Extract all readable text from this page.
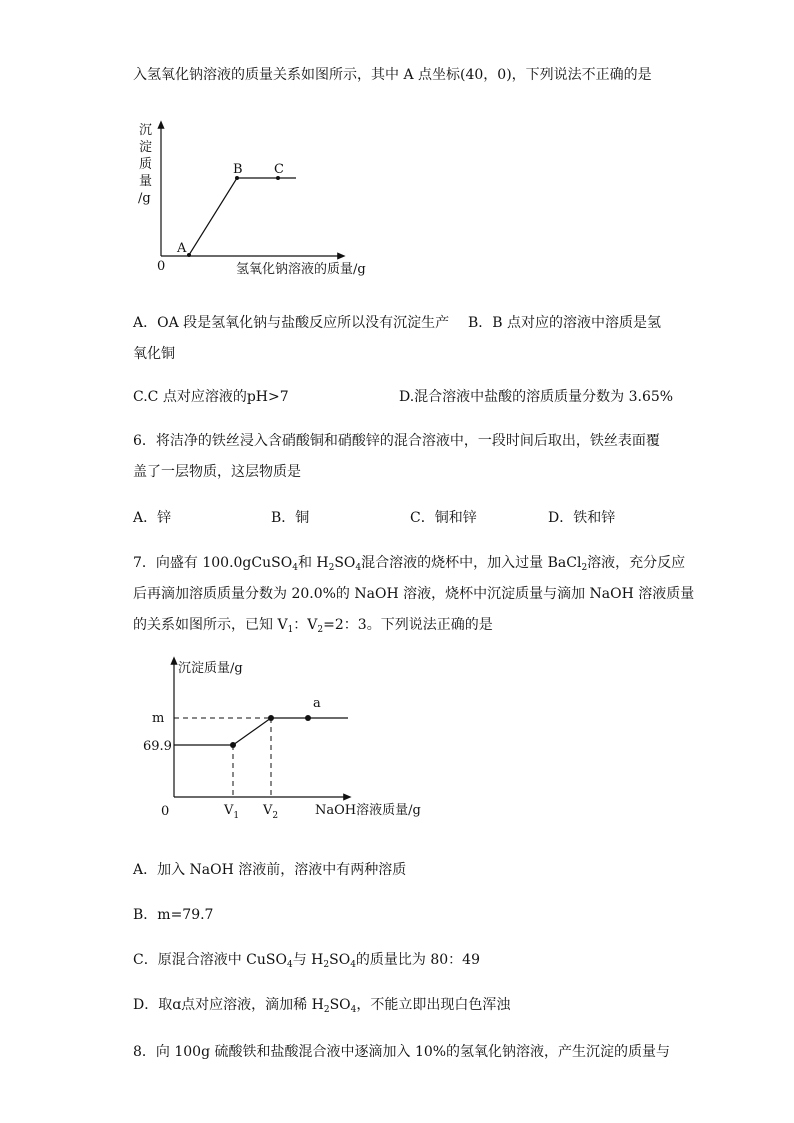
入氢氧化钠溶液的质量关系如图所示，其中 A 点坐标(40，0)，下列说法不正确的是
A
B C
0	氢氧化钠溶液的质量/g
沉
淀
质
量
/g
A．OA 段是氢氧化钠与盐酸反应所以没有沉淀生产 B．B 点对应的溶液中溶质是氢
氧化铜
C.C 点对应溶液的pH>7	D.混合溶液中盐酸的溶质质量分数为 3.65%
6．将洁净的铁丝浸入含硝酸铜和硝酸锌的混合溶液中，一段时间后取出，铁丝表面覆
盖了一层物质，这层物质是
A．锌	B．铜	C．铜和锌	D．铁和锌
7．向盛有 100.0gCuSO$_4$和 $H_2SO_4$混合溶液的烧杯中，加入过量 BaCl$_2$溶液，充分反应
后再滴加溶质质量分数为 20.0%的 NaOH 溶液，烧杯中沉淀质量与滴加 NaOH 溶液质量
的关系如图所示，已知 $V_1$：$V_2=2$：3。下列说法正确的是
沉淀质量/g
m
69.9
a
0	$V_1$ $V_2$	NaOH溶液质量/g
A．加入 NaOH 溶液前，溶液中有两种溶质
B．m=79.7
C．原混合溶液中 CuSO$_4$与 $H_2SO_4$的质量比为 80：49
D．取ɑ点对应溶液，滴加稀 $H_2SO_4$，不能立即出现白色浑浊
8．向 100g 硫酸铁和盐酸混合液中逐滴加入 10%的氢氧化钠溶液，产生沉淀的质量与
